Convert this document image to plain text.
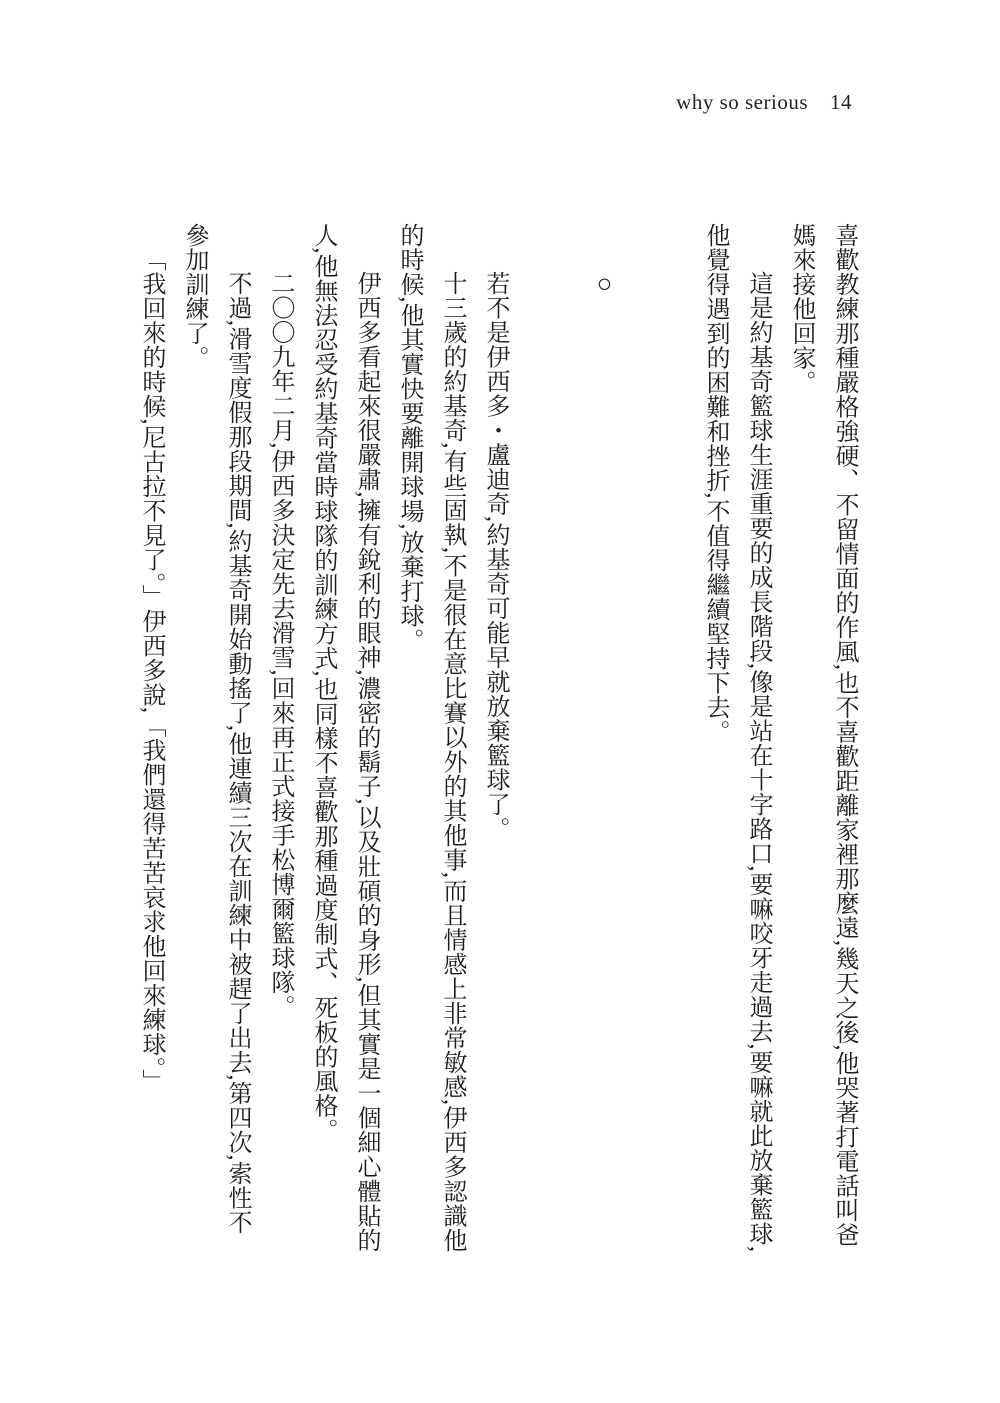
why so serious 14

喜歡教練那種嚴格強硬、不留情面的作風,也不喜歡距離家裡那麼遠,幾天之後,他哭著打電話叫爸媽來接他回家。

這是約基奇籃球生涯重要的成長階段,像是站在十字路口,要嘛咬牙走過去,要嘛就此放棄籃球,他覺得遇到的困難和挫折,不值得繼續堅持下去。

○

若不是伊西多・盧迪奇,約基奇可能早就放棄籃球了。

十三歲的約基奇,有些固執,不是很在意比賽以外的其他事,而且情感上非常敏感,伊西多認識他的時候,他其實快要離開球場,放棄打球。

伊西多看起來很嚴肅,擁有銳利的眼神,濃密的鬍子,以及壯碩的身形,但其實是一個細心體貼的人,他無法忍受約基奇當時球隊的訓練方式,也同樣不喜歡那種過度制式、死板的風格。

二〇〇九年二月,伊西多決定先去滑雪,回來再正式接手松博爾籃球隊。

不過,滑雪度假那段期間,約基奇開始動搖了,他連續三次在訓練中被趕了出去,第四次,索性不參加訓練了。

「我回來的時候,尼古拉不見了。」伊西多說,「我們還得苦苦哀求他回來練球。」
